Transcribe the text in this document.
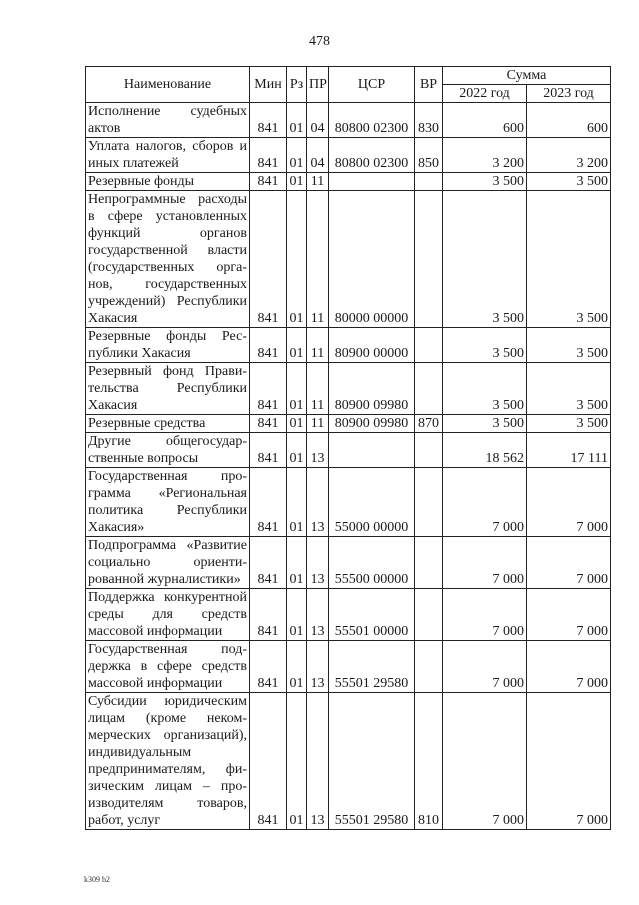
478
Наименование	Мин	Рз	ПР	ЦСР	ВР	Сумма	
						2022 год	2023 год
Исполнение судебных актов	841	01	04	80800 02300	830	600	600
Уплата налогов, сборов и иных платежей	841	01	04	80800 02300	850	3 200	3 200
Резервные фонды	841	01	11			3 500	3 500
Непрограммные расходы в сфере установленных функций органов государственной власти (государственных органов, государственных учреждений) Республики Хакасия	841	01	11	80000 00000		3 500	3 500
Резервные фонды Республики Хакасия	841	01	11	80900 00000		3 500	3 500
Резервный фонд Правительства Республики Хакасия	841	01	11	80900 09980		3 500	3 500
Резервные средства	841	01	11	80900 09980	870	3 500	3 500
Другие общегосударственные вопросы	841	01	13			18 562	17 111
Государственная программа «Региональная политика Республики Хакасия»	841	01	13	55000 00000		7 000	7 000
Подпрограмма «Развитие социально ориентированной журналистики»	841	01	13	55500 00000		7 000	7 000
Поддержка конкурентной среды для средств массовой информации	841	01	13	55501 00000		7 000	7 000
Государственная поддержка в сфере средств массовой информации	841	01	13	55501 29580		7 000	7 000
Субсидии юридическим лицам (кроме некоммерческих организаций), индивидуальным предпринимателям, физическим лицам – производителям товаров, работ, услуг	841	01	13	55501 29580	810	7 000	7 000
k309 b2
